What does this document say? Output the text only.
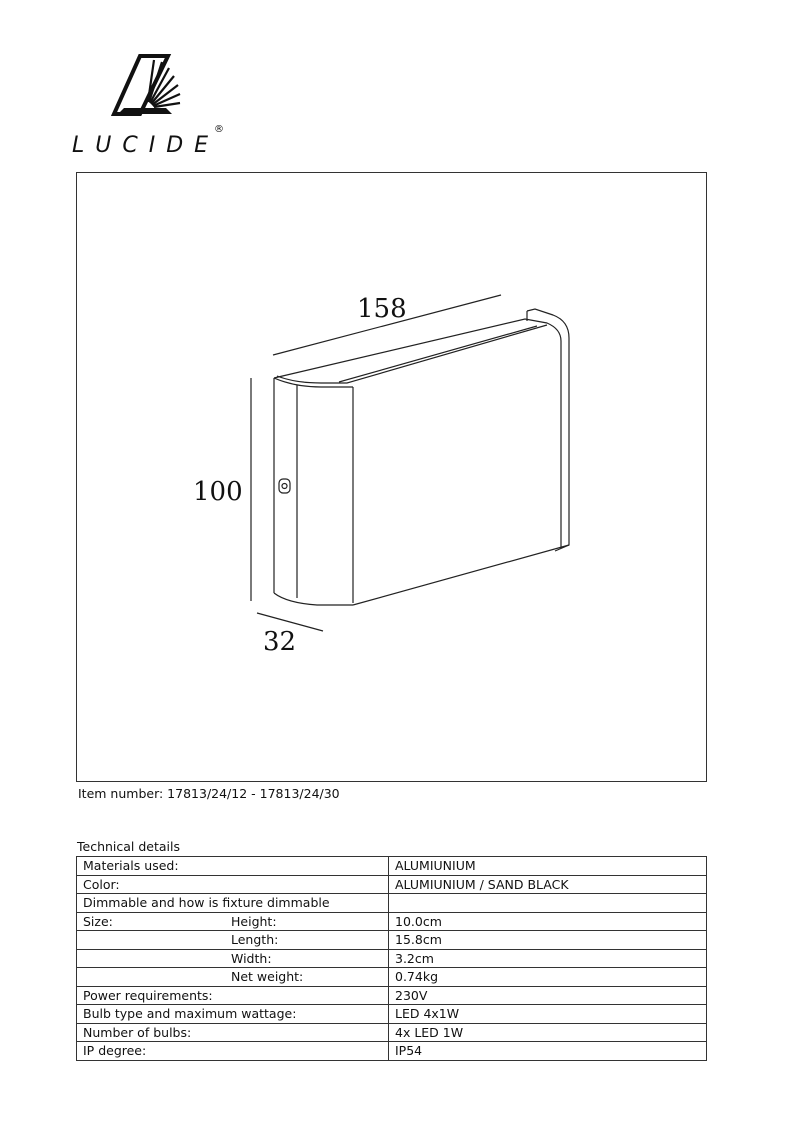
LUCIDE
®
158
100
32
Item number: 17813/24/12 - 17813/24/30
Technical details
Materials used:	ALUMIUNIUM
Color:	ALUMIUNIUM / SAND BLACK
Dimmable and how is fixture dimmable	
Size: Height:	10.0cm
Length:	15.8cm
Width:	3.2cm
Net weight:	0.74kg
Power requirements:	230V
Bulb type and maximum wattage:	LED 4x1W
Number of bulbs:	4x LED 1W
IP degree:	IP54
